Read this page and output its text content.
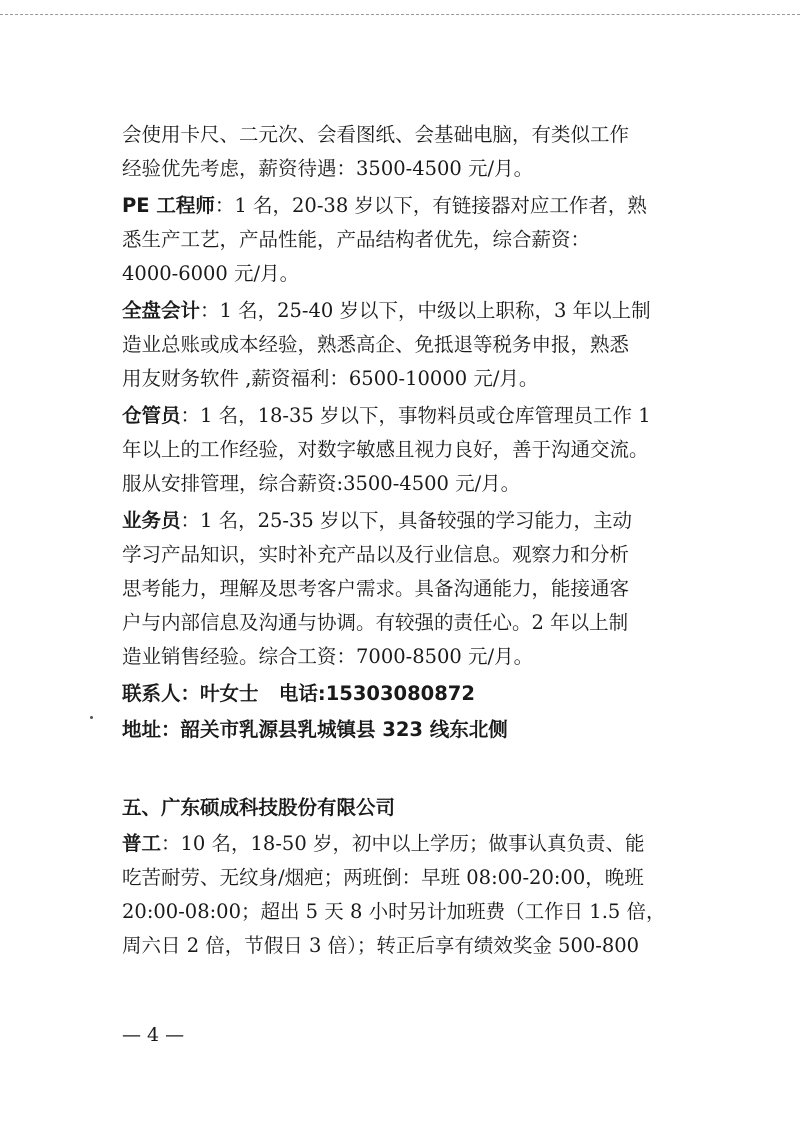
会使用卡尺、二元次、会看图纸、会基础电脑，有类似工作
经验优先考虑，薪资待遇：3500-4500 元/月。
PE 工程师：1 名，20-38 岁以下，有链接器对应工作者，熟
悉生产工艺，产品性能，产品结构者优先，综合薪资：
4000-6000 元/月。
全盘会计：1 名，25-40 岁以下，中级以上职称，3 年以上制
造业总账或成本经验，熟悉高企、免抵退等税务申报，熟悉
用友财务软件 ,薪资福利：6500-10000 元/月。
仓管员：1 名，18-35 岁以下，事物料员或仓库管理员工作 1
年以上的工作经验，对数字敏感且视力良好，善于沟通交流。
服从安排管理，综合薪资:3500-4500 元/月。
业务员：1 名，25-35 岁以下，具备较强的学习能力，主动
学习产品知识，实时补充产品以及行业信息。观察力和分析
思考能力，理解及思考客户需求。具备沟通能力，能接通客
户与内部信息及沟通与协调。有较强的责任心。2 年以上制
造业销售经验。综合工资：7000-8500 元/月。
联系人：叶女士 电话:15303080872
地址：韶关市乳源县乳城镇县 323 线东北侧
五、广东硕成科技股份有限公司
普工：10 名，18-50 岁，初中以上学历；做事认真负责、能
吃苦耐劳、无纹身/烟疤；两班倒：早班 08:00-20:00，晚班
20:00-08:00；超出 5 天 8 小时另计加班费（工作日 1.5 倍，
周六日 2 倍，节假日 3 倍）；转正后享有绩效奖金 500-800
— 4 —
